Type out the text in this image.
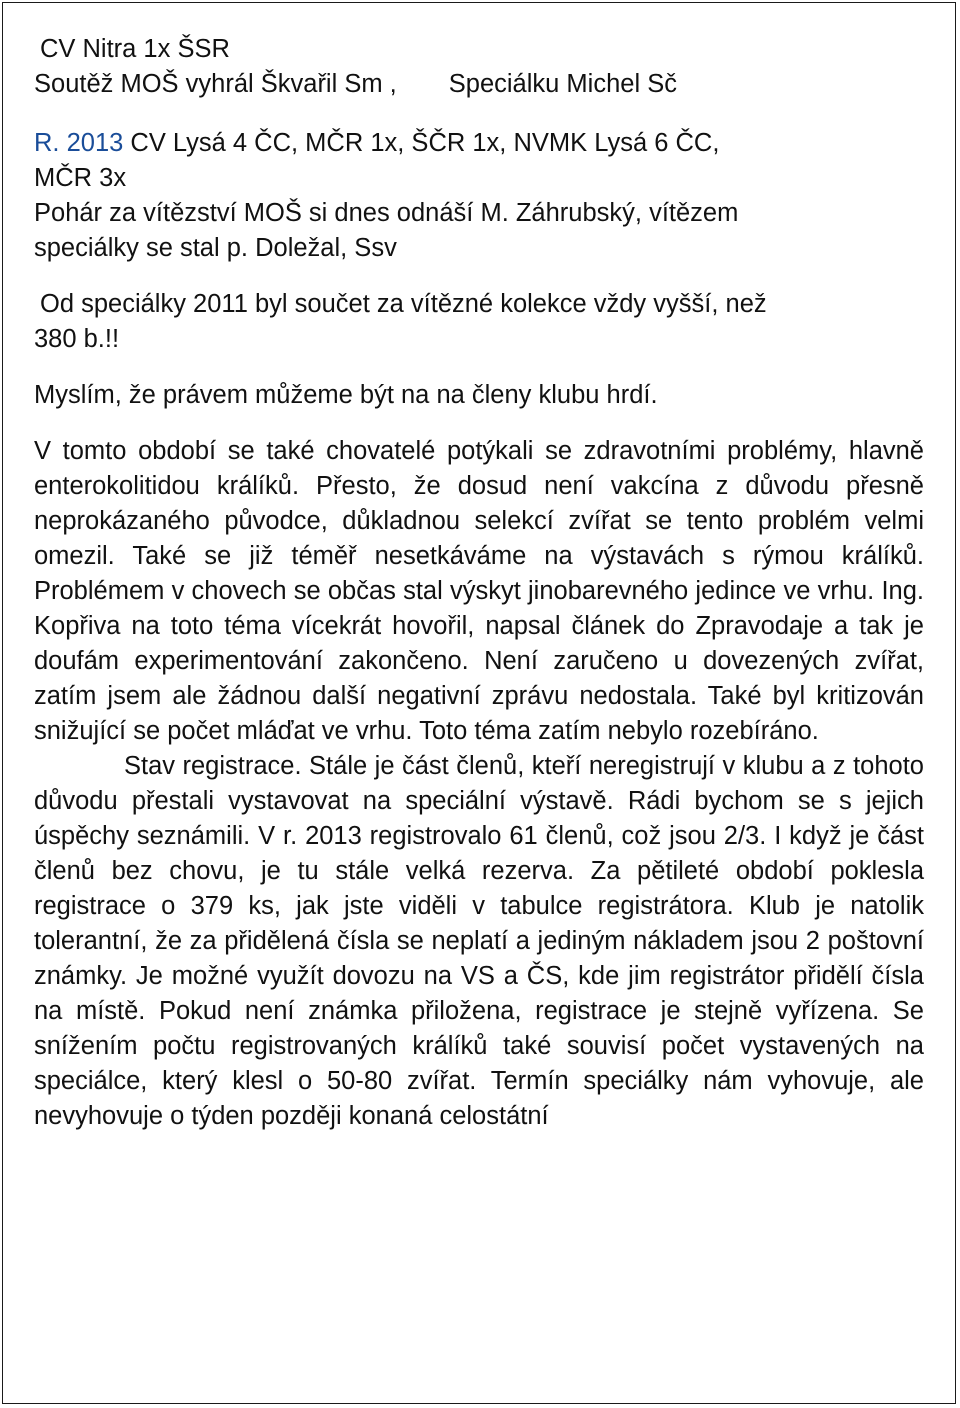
CV Nitra 1x ŠSR

Soutěž MOŠ vyhrál Škvařil Sm , Speciálku Michel Sč

R. 2013 CV Lysá 4 ČC, MČR 1x, ŠČR 1x, NVMK Lysá 6 ČC,

MČR 3x

Pohár za vítězství MOŠ si dnes odnáší M. Záhrubský, vítězem

speciálky se stal p. Doležal, Ssv

Od speciálky 2011 byl součet za vítězné kolekce vždy vyšší, než

380 b.!!

Myslím, že právem můžeme být na na členy klubu hrdí.

V tomto období se také chovatelé potýkali se zdravotními problémy, hlavně enterokolitidou králíků. Přesto, že dosud není vakcína z důvodu přesně neprokázaného původce, důkladnou selekcí zvířat se tento problém velmi omezil. Také se již téměř nesetkáváme na výstavách s rýmou králíků. Problémem v chovech se občas stal výskyt jinobarevného jedince ve vrhu. Ing. Kopřiva na toto téma vícekrát hovořil, napsal článek do Zpravodaje a tak je doufám experimentování zakončeno. Není zaručeno u dovezených zvířat, zatím jsem ale žádnou další negativní zprávu nedostala. Také byl kritizován snižující se počet mláďat ve vrhu. Toto téma zatím nebylo rozebíráno.

Stav registrace. Stále je část členů, kteří neregistrují v klubu a z tohoto důvodu přestali vystavovat na speciální výstavě. Rádi bychom se s jejich úspěchy seznámili. V r. 2013 registrovalo 61 členů, což jsou 2/3. I když je část členů bez chovu, je tu stále velká rezerva. Za pětileté období poklesla registrace o 379 ks, jak jste viděli v tabulce registrátora. Klub je natolik tolerantní, že za přidělená čísla se neplatí a jediným nákladem jsou 2 poštovní známky. Je možné využít dovozu na VS a ČS, kde jim registrátor přidělí čísla na místě. Pokud není známka přiložena, registrace je stejně vyřízena. Se snížením počtu registrovaných králíků také souvisí počet vystavených na speciálce, který klesl o 50-80 zvířat. Termín speciálky nám vyhovuje, ale nevyhovuje o týden později konaná celostátní
